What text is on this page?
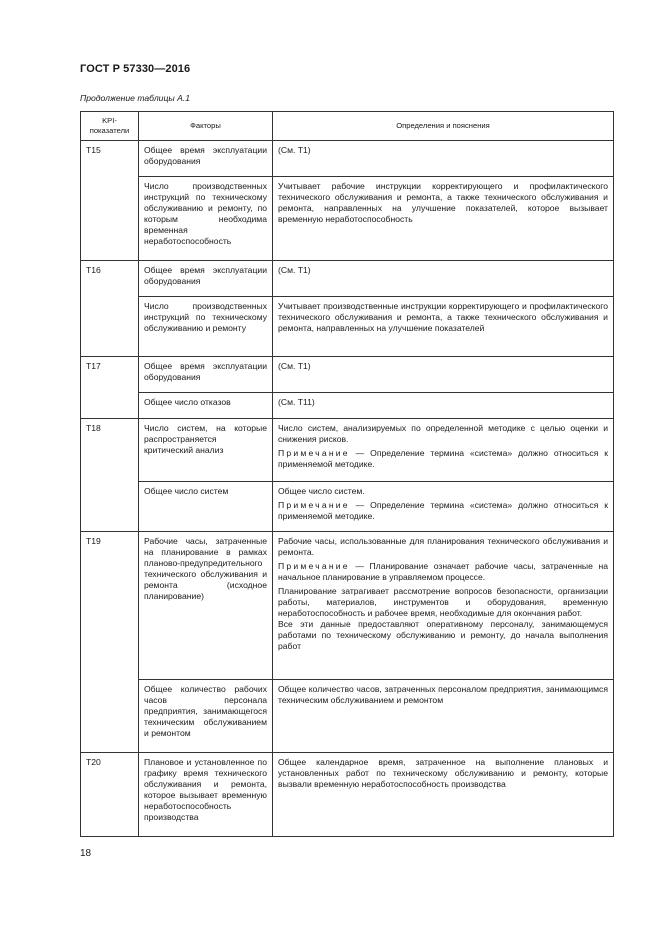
ГОСТ Р 57330—2016
Продолжение таблицы А.1
KPI-показатели	Факторы	Определения и пояснения
T15	Общее время эксплуатации оборудования	(См. Т1)
	Число производственных инструкций по техническому обслуживанию и ремонту, по которым необходима временная неработоспособность	Учитывает рабочие инструкции корректирующего и профилактического технического обслуживания и ремонта, а также технического обслуживания и ремонта, направленных на улучшение показателей, которое вызывает временную неработоспособность
T16	Общее время эксплуатации оборудования	(См. Т1)
	Число производственных инструкций по техническому обслуживанию и ремонту	Учитывает производственные инструкции корректирующего и профилактического технического обслуживания и ремонта, а также технического обслуживания и ремонта, направленных на улучшение показателей
T17	Общее время эксплуатации оборудования	(См. Т1)
	Общее число отказов	(См. Т11)
T18	Число систем, на которые распространяется критический анализ	Число систем, анализируемых по определенной методике с целью оценки и снижения рисков.
Примечание — Определение термина «система» должно относиться к применяемой методике.

	Общее число систем	Общее число систем.
Примечание — Определение термина «система» должно относиться к применяемой методике.

T19	Рабочие часы, затраченные на планирование в рамках планово-предупредительного технического обслуживания и ремонта (исходное планирование)	Рабочие часы, использованные для планирования технического обслуживания и ремонта.
Примечание — Планирование означает рабочие часы, затраченные на начальное планирование в управляемом процессе.
Планирование затрагивает рассмотрение вопросов безопасности, организации работы, материалов, инструментов и оборудования, временную неработоспособность и рабочее время, необходимые для окончания работ.
Все эти данные предоставляют оперативному персоналу, занимающемуся работами по техническому обслуживанию и ремонту, до начала выполнения работ

	Общее количество рабочих часов персонала предприятия, занимающегося техническим обслуживанием и ремонтом	Общее количество часов, затраченных персоналом предприятия, занимающимся техническим обслуживанием и ремонтом
T20	Плановое и установленное по графику время технического обслуживания и ремонта, которое вызывает временную неработоспособность производства	Общее календарное время, затраченное на выполнение плановых и установленных работ по техническому обслуживанию и ремонту, которые вызвали временную неработоспособность производства
18
